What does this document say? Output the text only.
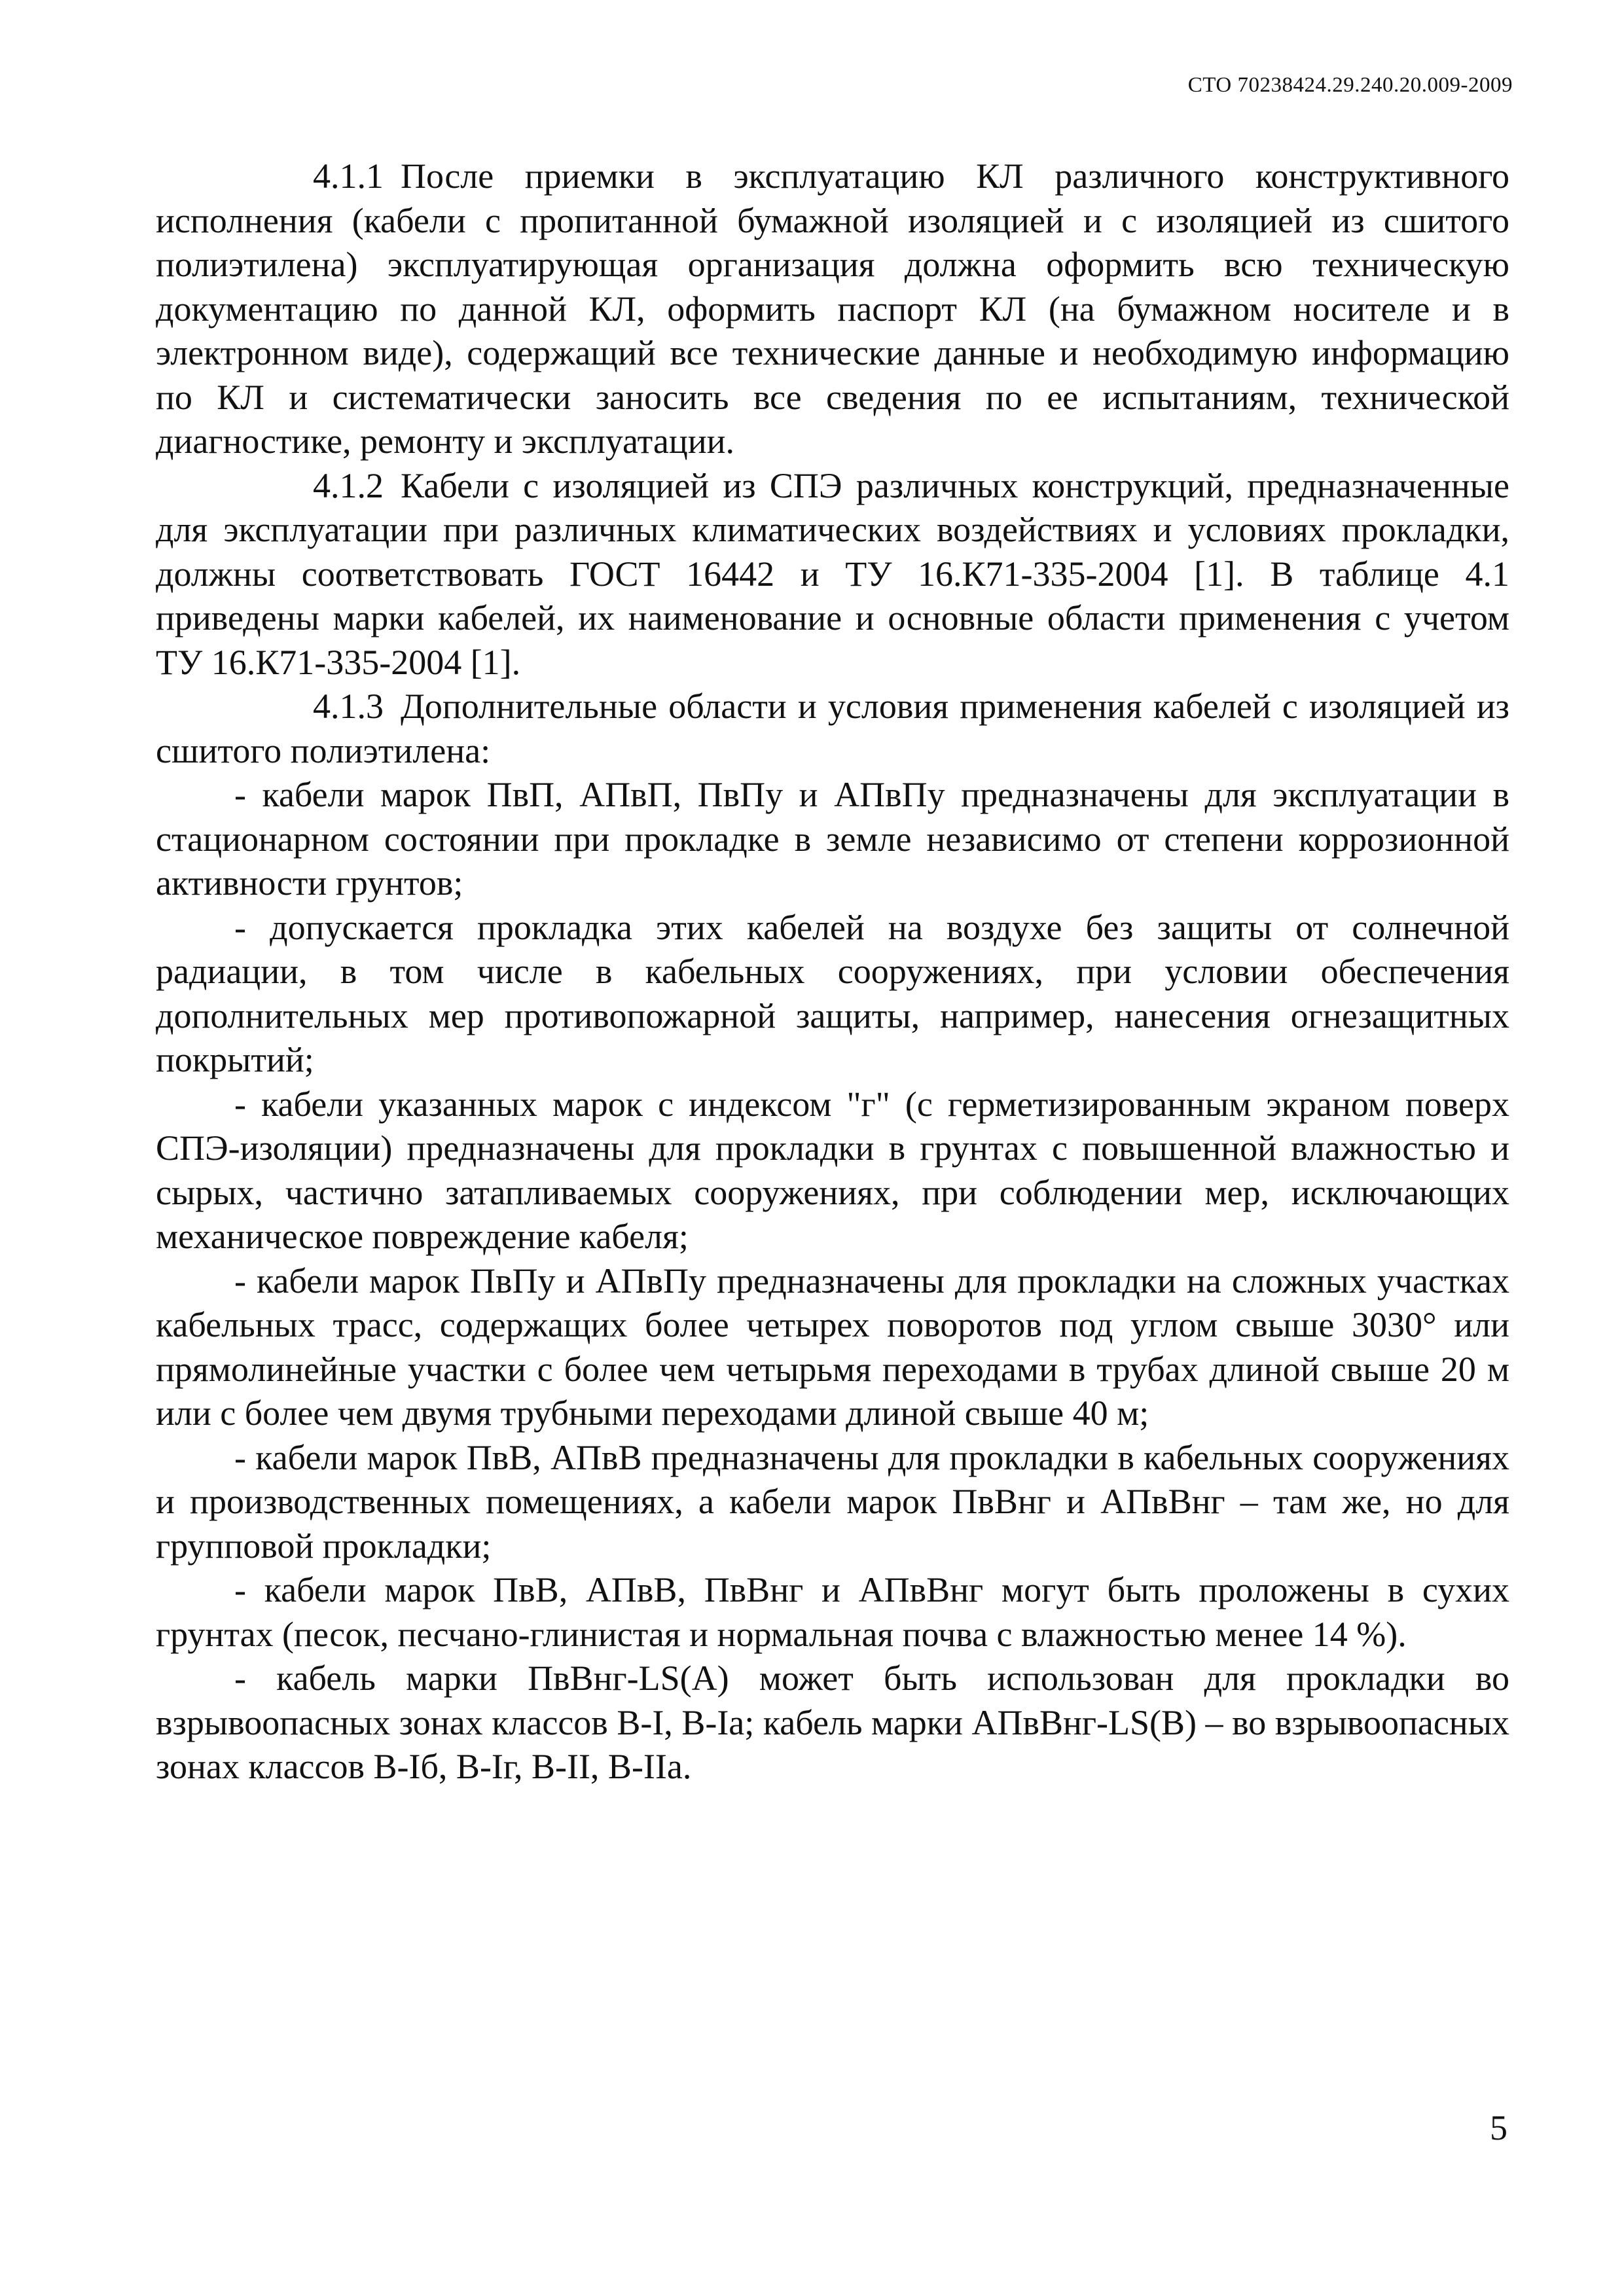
СТО 70238424.29.240.20.009-2009

4.1.1 После приемки в эксплуатацию КЛ различного конструктивного исполнения (кабели с пропитанной бумажной изоляцией и с изоляцией из сшитого полиэтилена) эксплуатирующая организация должна оформить всю техническую документацию по данной КЛ, оформить паспорт КЛ (на бумажном носителе и в электронном виде), содержащий все технические данные и необходимую информацию по КЛ и систематически заносить все сведения по ее испытаниям, технической диагностике, ремонту и эксплуатации.

4.1.2 Кабели с изоляцией из СПЭ различных конструкций, предназначенные для эксплуатации при различных климатических воздействиях и условиях прокладки, должны соответствовать ГОСТ 16442 и ТУ 16.К71-335-2004 [1]. В таблице 4.1 приведены марки кабелей, их наименование и основные области применения с учетом ТУ 16.К71-335-2004 [1].

4.1.3 Дополнительные области и условия применения кабелей с изоляцией из сшитого полиэтилена:

- кабели марок ПвП, АПвП, ПвПу и АПвПу предназначены для эксплуатации в стационарном состоянии при прокладке в земле независимо от степени коррозионной активности грунтов;

- допускается прокладка этих кабелей на воздухе без защиты от солнечной радиации, в том числе в кабельных сооружениях, при условии обеспечения дополнительных мер противопожарной защиты, например, нанесения огнезащитных покрытий;

- кабели указанных марок с индексом "г" (с герметизированным экраном поверх СПЭ-изоляции) предназначены для прокладки в грунтах с повышенной влажностью и сырых, частично затапливаемых сооружениях, при соблюдении мер, исключающих механическое повреждение кабеля;

- кабели марок ПвПу и АПвПу предназначены для прокладки на сложных участках кабельных трасс, содержащих более четырех поворотов под углом свыше 3030° или прямолинейные участки с более чем четырьмя переходами в трубах длиной свыше 20 м или с более чем двумя трубными переходами длиной свыше 40 м;

- кабели марок ПвВ, АПвВ предназначены для прокладки в кабельных сооружениях и производственных помещениях, а кабели марок ПвВнг и АПвВнг – там же, но для групповой прокладки;

- кабели марок ПвВ, АПвВ, ПвВнг и АПвВнг могут быть проложены в сухих грунтах (песок, песчано-глинистая и нормальная почва с влажностью менее 14 %).

- кабель марки ПвВнг-LS(А) может быть использован для прокладки во взрывоопасных зонах классов В-I, В-Iа; кабель марки АПвВнг-LS(В) – во взрывоопасных зонах классов В-Iб, В-Iг, В-II, В-IIа.

5
